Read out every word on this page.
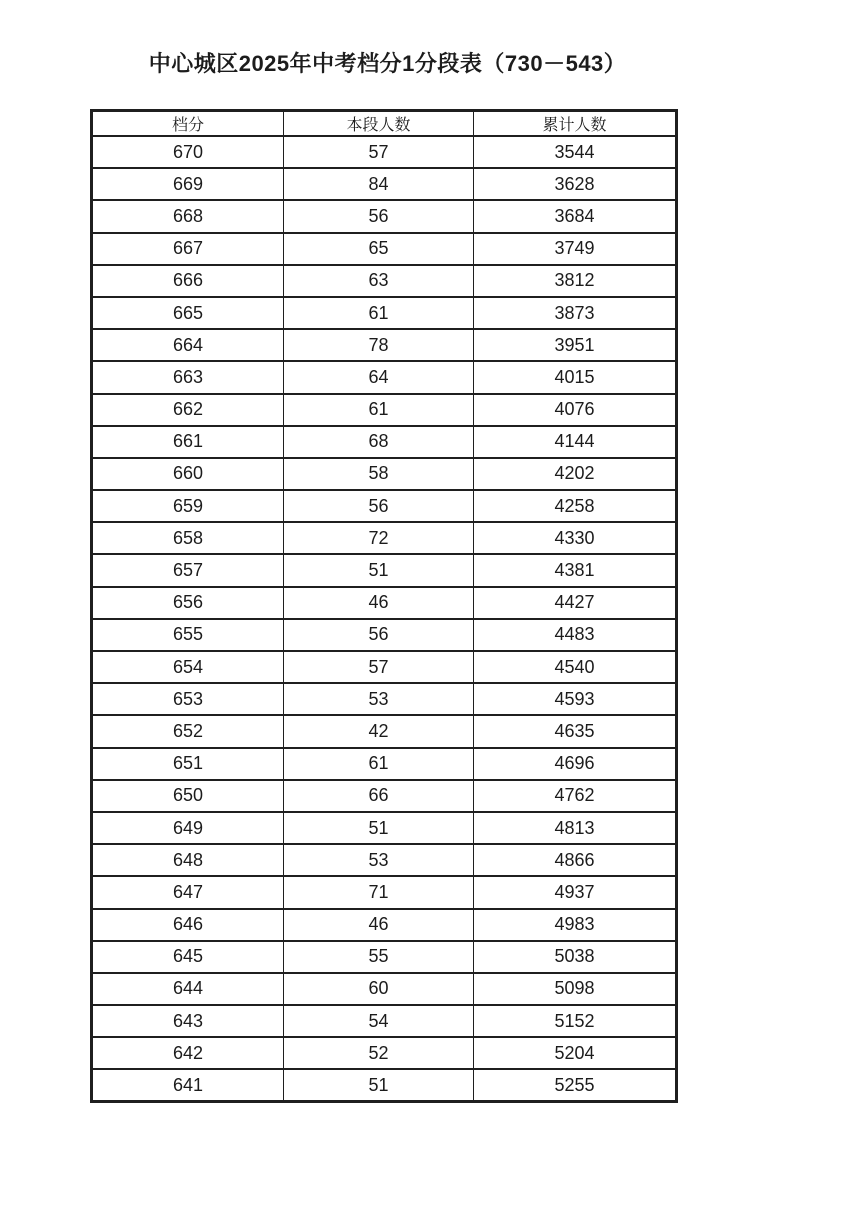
中心城区2025年中考档分1分段表（730－543）
档分	本段人数	累计人数
670	57	3544
669	84	3628
668	56	3684
667	65	3749
666	63	3812
665	61	3873
664	78	3951
663	64	4015
662	61	4076
661	68	4144
660	58	4202
659	56	4258
658	72	4330
657	51	4381
656	46	4427
655	56	4483
654	57	4540
653	53	4593
652	42	4635
651	61	4696
650	66	4762
649	51	4813
648	53	4866
647	71	4937
646	46	4983
645	55	5038
644	60	5098
643	54	5152
642	52	5204
641	51	5255
